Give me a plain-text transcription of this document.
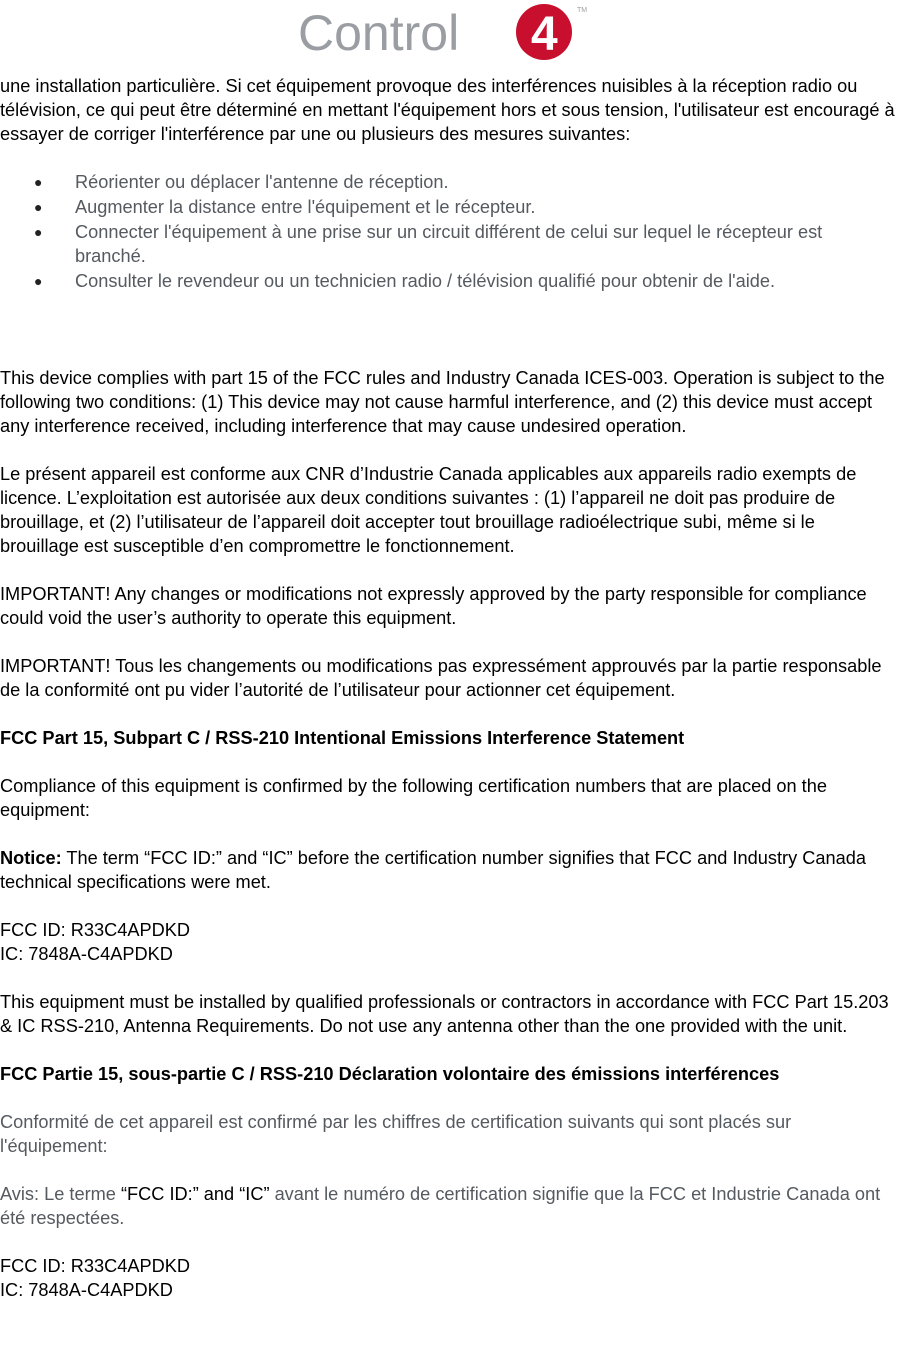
Control 4	TM

une installation particulière. Si cet équipement provoque des interférences nuisibles à la réception radio ou télévision, ce qui peut être déterminé en mettant l'équipement hors et sous tension, l'utilisateur est encouragé à essayer de corriger l'interférence par une ou plusieurs des mesures suivantes:

● Réorienter ou déplacer l'antenne de réception.
● Augmenter la distance entre l'équipement et le récepteur.
● Connecter l'équipement à une prise sur un circuit différent de celui sur lequel le récepteur est branché.
● Consulter le revendeur ou un technicien radio / télévision qualifié pour obtenir de l'aide.

This device complies with part 15 of the FCC rules and Industry Canada ICES-003. Operation is subject to the following two conditions: (1) This device may not cause harmful interference, and (2) this device must accept any interference received, including interference that may cause undesired operation.

Le présent appareil est conforme aux CNR d’Industrie Canada applicables aux appareils radio exempts de licence. L’exploitation est autorisée aux deux conditions suivantes : (1) l’appareil ne doit pas produire de brouillage, et (2) l’utilisateur de l’appareil doit accepter tout brouillage radioélectrique subi, même si le brouillage est susceptible d’en compromettre le fonctionnement.

IMPORTANT! Any changes or modifications not expressly approved by the party responsible for compliance could void the user’s authority to operate this equipment.

IMPORTANT! Tous les changements ou modifications pas expressément approuvés par la partie responsable de la conformité ont pu vider l’autorité de l’utilisateur pour actionner cet équipement.

FCC Part 15, Subpart C / RSS-210 Intentional Emissions Interference Statement

Compliance of this equipment is confirmed by the following certification numbers that are placed on the equipment:

Notice: The term “FCC ID:” and “IC” before the certification number signifies that FCC and Industry Canada technical specifications were met.

FCC ID: R33C4APDKD

IC: 7848A-C4APDKD

This equipment must be installed by qualified professionals or contractors in accordance with FCC Part 15.203 & IC RSS-210, Antenna Requirements. Do not use any antenna other than the one provided with the unit.

FCC Partie 15, sous-partie C / RSS-210 Déclaration volontaire des émissions interférences

Conformité de cet appareil est confirmé par les chiffres de certification suivants qui sont placés sur l'équipement:

Avis: Le terme “FCC ID:” and “IC” avant le numéro de certification signifie que la FCC et Industrie Canada ont été respectées.

FCC ID: R33C4APDKD

IC: 7848A-C4APDKD
